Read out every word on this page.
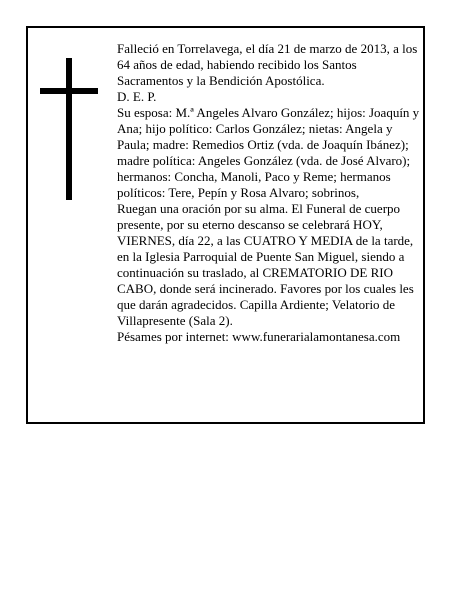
Falleció en Torrelavega, el día 21 de marzo de 2013, a los 64 años de edad, habiendo recibido los Santos Sacramentos y la Bendición Apostólica.

D. E. P.

Su esposa: M.ª Angeles Alvaro González; hijos: Joaquín y Ana; hijo político: Carlos González; nietas: Angela y Paula; madre: Remedios Ortiz (vda. de Joaquín Ibánez); madre política: Angeles González (vda. de José Alvaro); hermanos: Concha, Manoli, Paco y Reme; hermanos políticos: Tere, Pepín y Rosa Alvaro; sobrinos,

Ruegan una oración por su alma. El Funeral de cuerpo presente, por su eterno descanso se celebrará HOY, VIERNES, día 22, a las CUATRO Y MEDIA de la tarde, en la Iglesia Parroquial de Puente San Miguel, siendo a continuación su traslado, al CREMATORIO DE RIO CABO, donde será incinerado. Favores por los cuales les que darán agradecidos. Capilla Ardiente; Velatorio de Villapresente (Sala 2).

Pésames por internet: www.funerarialamontanesa.com
